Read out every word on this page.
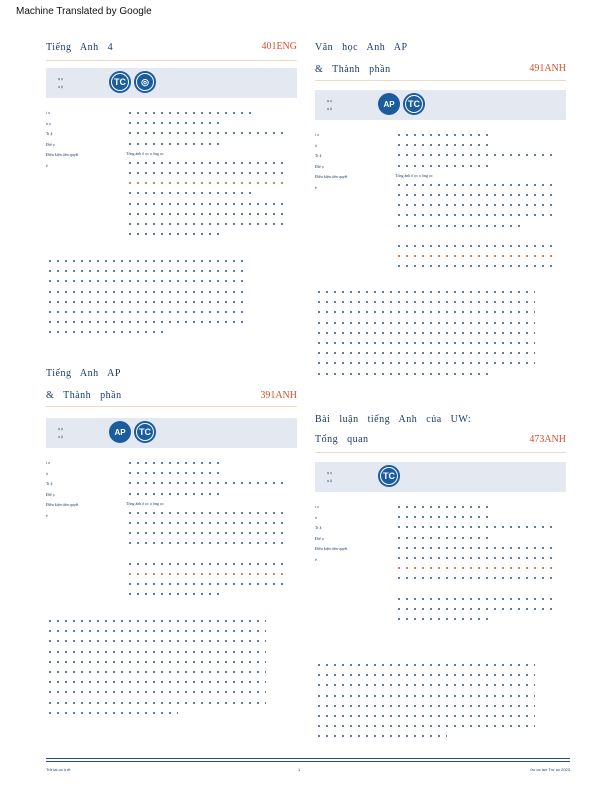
Machine Translated by Google
Tiếng Anh 4	401ENG
ụ ọ
u ặ	TC	◎
i o
ả ọ
Tr ặ
Điể ọ
Điều kiện tiên quyết
ẻ
Tổng ánh ô ọc ọ ồng ọc
Văn học Anh AP
& Thành phần	491ANH
ụ ọ
u ặ	AP	TC
i o
ả
Tr ặ
Điể ọ
Điều kiện tiên quyết
ẻ
Tổng ánh ô ọc ọ ồng ọc
Tiếng Anh AP
& Thành phần	391ANH
ụ ọ
u ặ	AP	TC
i o
ả
Tr ặ
Điể ọ
Điều kiện tiên quyết
ẻ
Tổng ánh ô ọc ọ ồng ọc
Bài luận tiếng Anh của UW:
Tổng quan	473ANH
ụ ọ
u ặ	TC
i o
ả
Tr ặ
Điể ọ
Điều kiện tiên quyết
ẻ
Trở lại ọc ộ ệt	1	ửu ọc ầm Trư ọc 2023
